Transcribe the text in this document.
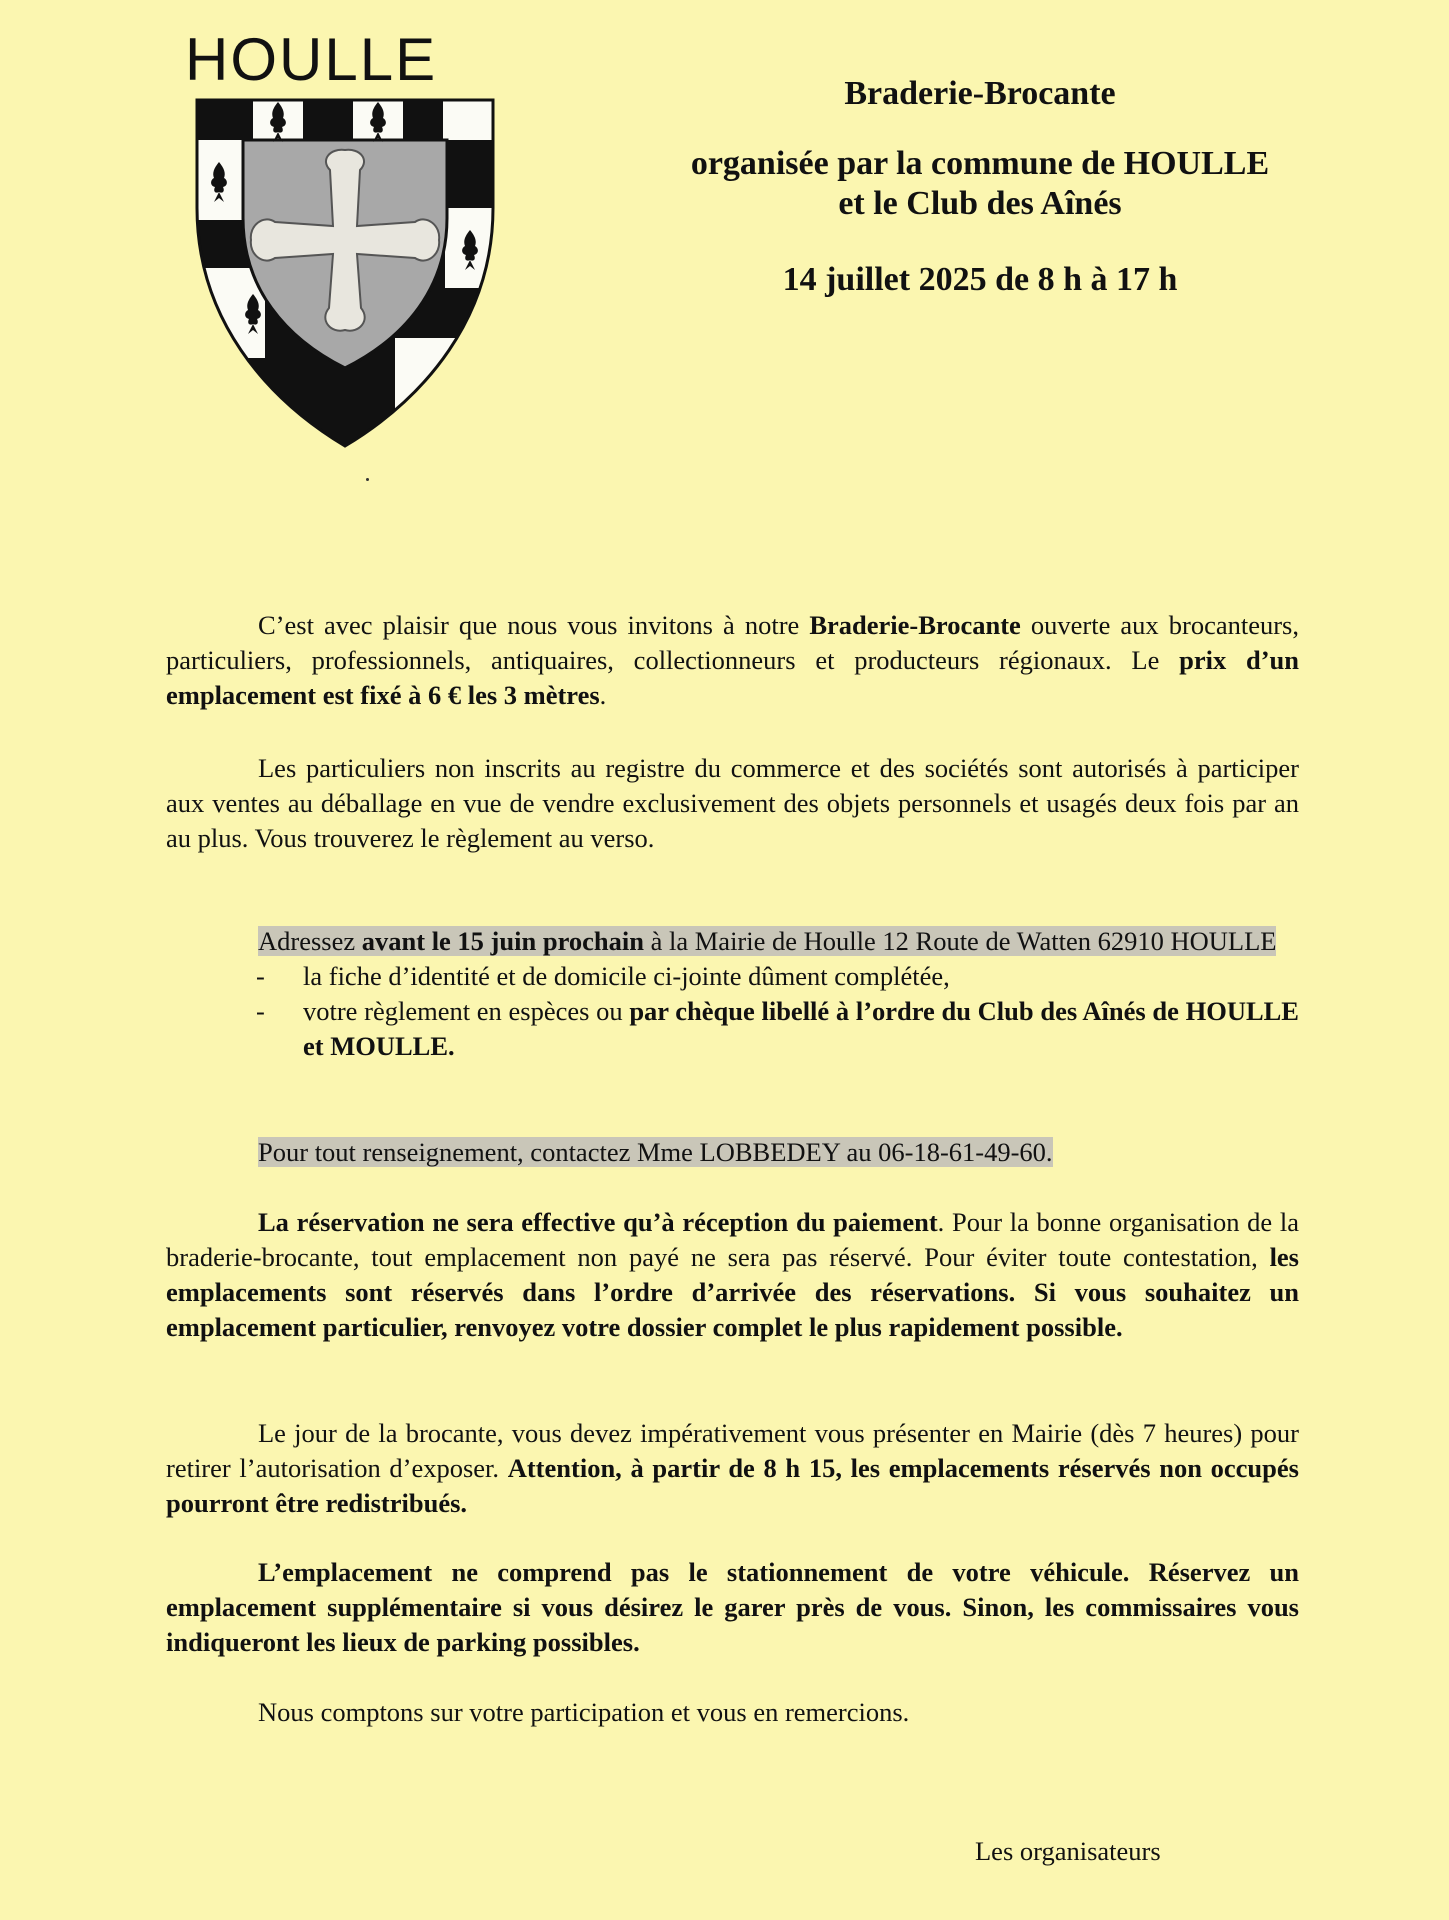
HOULLE
Braderie-Brocante
organisée par la commune de HOULLE
et le Club des Aînés
14 juillet 2025 de 8 h à 17 h

C’est avec plaisir que nous vous invitons à notre Braderie-Brocante ouverte aux brocanteurs, particuliers, professionnels, antiquaires, collectionneurs et producteurs régionaux. Le prix d’un emplacement est fixé à 6 € les 3 mètres.

Les particuliers non inscrits au registre du commerce et des sociétés sont autorisés à participer aux ventes au déballage en vue de vendre exclusivement des objets personnels et usagés deux fois par an au plus. Vous trouverez le règlement au verso.

Adressez avant le 15 juin prochain à la Mairie de Houlle 12 Route de Watten 62910 HOULLE

- la fiche d’identité et de domicile ci-jointe dûment complétée,
- votre règlement en espèces ou par chèque libellé à l’ordre du Club des Aînés de HOULLE et MOULLE.

Pour tout renseignement, contactez Mme LOBBEDEY au 06-18-61-49-60.

La réservation ne sera effective qu’à réception du paiement. Pour la bonne organisation de la braderie-brocante, tout emplacement non payé ne sera pas réservé. Pour éviter toute contestation, les emplacements sont réservés dans l’ordre d’arrivée des réservations. Si vous souhaitez un emplacement particulier, renvoyez votre dossier complet le plus rapidement possible.

Le jour de la brocante, vous devez impérativement vous présenter en Mairie (dès 7 heures) pour retirer l’autorisation d’exposer. Attention, à partir de 8 h 15, les emplacements réservés non occupés pourront être redistribués.

L’emplacement ne comprend pas le stationnement de votre véhicule. Réservez un emplacement supplémentaire si vous désirez le garer près de vous. Sinon, les commissaires vous indiqueront les lieux de parking possibles.

Nous comptons sur votre participation et vous en remercions.

Les organisateurs
